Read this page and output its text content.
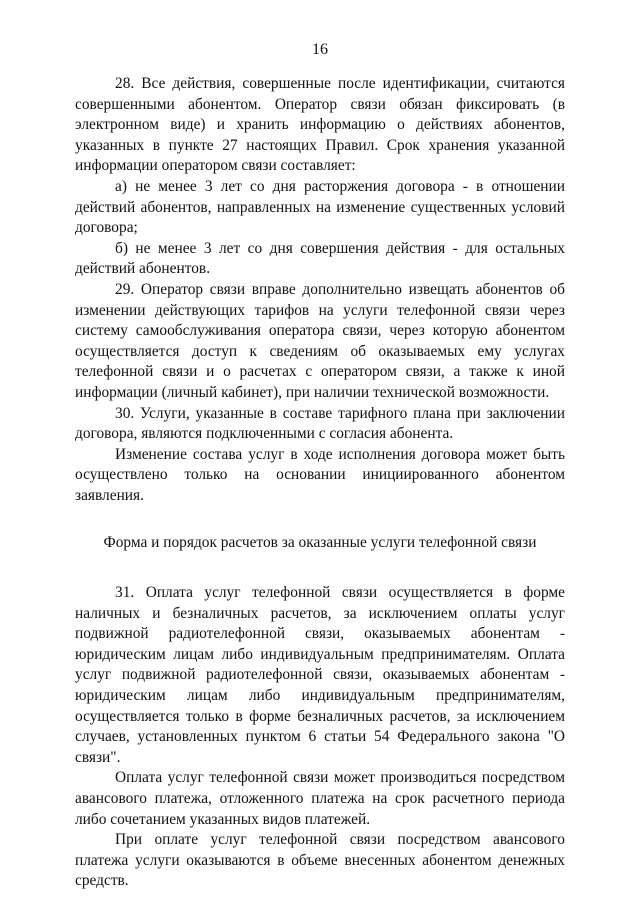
16

28. Все действия, совершенные после идентификации, считаются совершенными абонентом. Оператор связи обязан фиксировать (в электронном виде) и хранить информацию о действиях абонентов, указанных в пункте 27 настоящих Правил. Срок хранения указанной информации оператором связи составляет:

а) не менее 3 лет со дня расторжения договора - в отношении действий абонентов, направленных на изменение существенных условий договора;

б) не менее 3 лет со дня совершения действия - для остальных действий абонентов.

29. Оператор связи вправе дополнительно извещать абонентов об изменении действующих тарифов на услуги телефонной связи через систему самообслуживания оператора связи, через которую абонентом осуществляется доступ к сведениям об оказываемых ему услугах телефонной связи и о расчетах с оператором связи, а также к иной информации (личный кабинет), при наличии технической возможности.

30. Услуги, указанные в составе тарифного плана при заключении договора, являются подключенными с согласия абонента.

Изменение состава услуг в ходе исполнения договора может быть осуществлено только на основании инициированного абонентом заявления.

Форма и порядок расчетов за оказанные услуги телефонной связи

31. Оплата услуг телефонной связи осуществляется в форме наличных и безналичных расчетов, за исключением оплаты услуг подвижной радиотелефонной связи, оказываемых абонентам - юридическим лицам либо индивидуальным предпринимателям. Оплата услуг подвижной радиотелефонной связи, оказываемых абонентам - юридическим лицам либо индивидуальным предпринимателям, осуществляется только в форме безналичных расчетов, за исключением случаев, установленных пунктом 6 статьи 54 Федерального закона "О связи".

Оплата услуг телефонной связи может производиться посредством авансового платежа, отложенного платежа на срок расчетного периода либо сочетанием указанных видов платежей.

При оплате услуг телефонной связи посредством авансового платежа услуги оказываются в объеме внесенных абонентом денежных средств.
